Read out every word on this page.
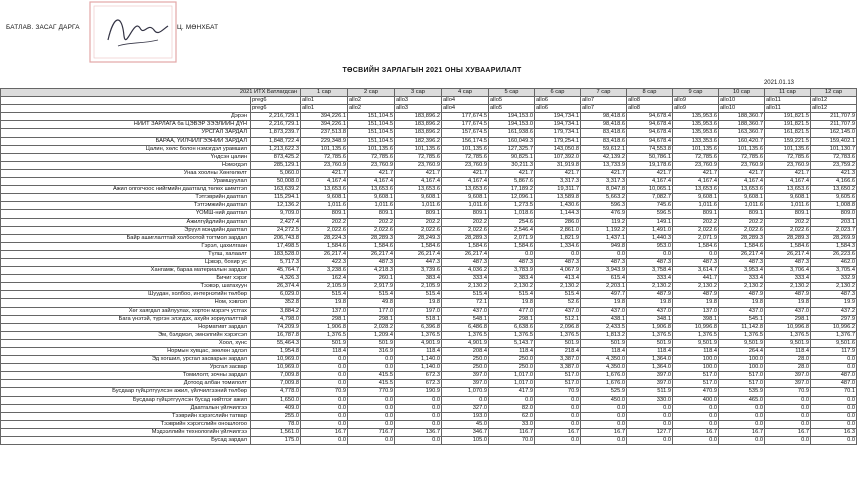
БАТЛАВ. ЗАСАГ ДАРГА	Ц. МӨНХБАТ
ТӨСВИЙН ЗАРЛАГЫН 2021 ОНЫ ХУВААРИЛАЛТ
2021.01.13
2021 ИТХ Батлагдсан		1 сар	2 сар	3 сар	4 сар	5 сар	6 сар	7 сар	8 сар	9 сар	10 сар	11 сар	12 сар
	preg6	allo1	allo2	allo3	allo4	allo5	allo6	allo7	allo8	allo9	allo10	allo11	allo12
	preg6	allo1	allo2	allo3	allo4	allo5	allo6	allo7	allo8	allo9	allo10	allo11	allo12
Дэрэн	2,216,729.1	394,226.1	151,104.5	183,896.2	177,674.5	194,153.0	194,734.1	98,418.6	94,678.4	135,953.6	188,360.7	191,821.5	211,707.9
НИЙТ ЗАРЛАГА ба ЦЭВЭР ЗЭЭЛИЙН ДҮН	2,216,729.1	394,226.1	151,104.5	183,896.2	177,674.5	194,153.0	194,734.1	98,418.6	94,678.4	135,953.6	188,360.7	191,821.5	211,707.9
УРСГАЛ ЗАРДАЛ	1,873,239.7	237,513.8	151,104.5	183,896.2	157,674.5	161,938.6	179,734.1	83,418.6	94,678.4	135,953.6	163,360.7	161,821.5	162,145.0
БАРАА, ҮЙЛЧИЛГЭЭНИЙ ЗАРДАЛ	1,848,722.4	229,348.9	151,104.5	182,396.2	156,174.5	160,049.3	179,254.1	83,418.6	94,678.4	133,353.6	160,420.7	159,221.5	159,402.1
Цалин, хөлс болон нэмэгдэл урамшил	1,213,622.3	101,135.6	101,135.6	101,135.6	101,135.6	127,325.7	143,050.8	59,612.1	74,553.8	101,135.6	101,135.6	101,135.6	101,130.7
Үндсэн цалин	873,425.2	72,785.6	72,785.6	72,785.6	72,785.6	90,825.1	107,392.0	42,139.2	50,786.1	72,785.6	72,785.6	72,785.6	72,783.6
Нэмэгдэл	285,129.1	23,760.9	23,760.9	23,760.9	23,760.9	30,211.3	31,919.8	13,733.9	19,178.6	23,760.9	23,760.9	23,760.9	23,759.2
Унаа хоолны Хөнгөлөлт	5,060.0	421.7	421.7	421.7	421.7	421.7	421.7	421.7	421.7	421.7	421.7	421.7	421.3
Урамшуулал	50,008.0	4,167.4	4,167.4	4,167.4	4,167.4	5,867.6	3,317.3	3,317.3	4,167.4	4,167.4	4,167.4	4,167.4	4,166.6
Ажил олгогчоос нийгмийн даатгалд төлөх шимтгэл	163,639.2	13,653.6	13,653.6	13,653.6	13,653.6	17,189.2	19,311.7	8,047.8	10,065.1	13,653.6	13,653.6	13,653.6	13,650.2
Тэтгэврийн даатгал	115,294.1	9,608.1	9,608.1	9,608.1	9,608.1	12,096.1	13,589.8	5,663.2	7,082.7	9,608.1	9,608.1	9,608.1	9,605.6
Тэтгэмжийн даатгал	12,136.2	1,011.6	1,011.6	1,011.6	1,011.6	1,273.5	1,430.6	596.3	745.6	1,011.6	1,011.6	1,011.6	1,008.8
ҮОМШ-ний даатгал	9,709.0	809.1	809.1	809.1	809.1	1,018.6	1,144.3	476.9	596.5	809.1	809.1	809.1	809.0
Ажилгүйдлийн даатгал	2,427.4	202.2	202.2	202.2	202.2	254.6	286.0	119.2	149.1	202.2	202.2	202.2	203.1
Эрүүл мэндийн даатгал	24,272.5	2,022.6	2,022.6	2,022.6	2,022.6	2,546.4	2,861.0	1,192.2	1,491.0	2,022.6	2,022.6	2,022.6	2,023.7
Байр ашиглалттай холбоотой тогтмол зардал	206,743.8	28,224.3	28,289.3	28,249.3	28,289.3	2,071.9	1,821.9	1,437.1	1,440.3	2,071.9	28,289.3	28,289.3	28,269.9
Гэрэл, цахилгаан	17,498.5	1,584.6	1,584.6	1,584.6	1,584.6	1,584.6	1,334.6	949.8	953.0	1,584.6	1,584.6	1,584.6	1,584.3
Түлш, халаалт	183,528.0	26,217.4	26,217.4	26,217.4	26,217.4	0.0	0.0	0.0	0.0	0.0	26,217.4	26,217.4	26,223.6
Цэвэр, бохир ус	5,717.3	422.3	487.3	447.3	487.3	487.3	487.3	487.3	487.3	487.3	487.3	487.3	462.0
Хангамж, бараа материалын зардал	45,764.7	3,238.6	4,218.3	3,739.6	4,036.2	3,783.9	4,067.9	3,943.9	3,758.4	3,614.7	3,953.4	3,706.4	3,705.4
Бичиг хэрэг	4,326.3	162.4	260.1	383.4	333.4	383.4	413.4	615.4	333.4	441.7	333.4	333.4	332.9
Тээвэр, шатахуун	26,374.4	2,105.9	2,917.9	2,105.9	2,130.2	2,130.2	2,130.2	2,203.1	2,130.2	2,130.2	2,130.2	2,130.2	2,130.2
Шуудан, холбоо, интернэтийн төлбөр	6,029.0	515.4	515.4	515.4	515.4	515.4	515.4	497.7	487.9	487.9	487.9	487.9	487.3
Ном, хэвлэл	352.8	19.8	49.8	19.8	72.1	19.8	52.6	19.8	19.8	19.8	19.8	19.8	19.9
Хөг хаягдал зайлуулах, хортон мэрэгч устгах	3,884.2	137.0	177.0	197.0	437.0	477.0	437.0	437.0	437.0	137.0	437.0	437.0	437.2
Бага үнэтэй, түргэн элэгдэх, ахуйн зориулалттай	4,798.0	298.1	298.1	518.1	548.1	298.1	512.1	438.1	348.1	398.1	545.1	298.1	297.9
Нормативт зардал	74,209.9	1,906.8	2,028.2	6,396.8	6,486.8	6,638.6	2,096.8	2,433.5	1,906.8	10,996.8	11,142.8	10,996.8	10,996.2
Эм, бэлдмэл, эмнэлгийн хэрэгсэл	16,787.8	1,376.5	1,209.4	1,376.5	1,376.5	1,376.5	1,376.5	1,813.2	1,376.5	1,376.5	1,376.5	1,376.5	1,376.7
Хоол, хүнс	55,464.3	501.9	501.9	4,901.9	4,901.9	5,143.7	501.9	501.9	501.9	9,501.9	9,501.9	9,501.9	9,501.6
Нормын хувцас, зөөлөн эдлэл	1,954.8	118.4	316.9	118.4	208.4	118.4	218.4	118.4	118.4	118.4	264.4	118.4	117.9
Эд хогшил, урсгал засварын зардал	10,969.0	0.0	0.0	1,140.0	250.0	250.0	3,387.0	4,350.0	1,364.0	100.0	100.0	28.0	0.0
Урсгал засвар	10,969.0	0.0	0.0	1,140.0	250.0	250.0	3,387.0	4,350.0	1,364.0	100.0	100.0	28.0	0.0
Томилолт, зочны зардал	7,009.8	0.0	415.5	672.3	397.0	1,017.0	517.0	1,676.0	397.0	517.0	517.0	397.0	487.0
Дотоод албан томилолт	7,009.8	0.0	415.5	672.3	397.0	1,017.0	517.0	1,676.0	397.0	517.0	517.0	397.0	487.0
Бусдаар гүйцэтгүүлсэн ажил, үйлчилгээний төлбөр	4,778.0	70.9	770.9	190.9	1,070.9	417.9	70.9	525.9	511.9	470.9	535.9	70.9	70.1
Бусдаар гүйцэтгүүлсэн бусад нийтлэг ажил	1,650.0	0.0	0.0	0.0	0.0	0.0	0.0	450.0	330.0	400.0	465.0	0.0	0.0
Даатгалын үйлчилгээ	409.0	0.0	0.0	0.0	327.0	82.0	0.0	0.0	0.0	0.0	0.0	0.0	0.0
Тээврийн хэрэгслийн татвар	255.0	0.0	0.0	0.0	193.0	62.0	0.0	0.0	0.0	0.0	0.0	0.0	0.0
Тээврийн хэрэгслийн оношлогоо	78.0	0.0	0.0	0.0	45.0	33.0	0.0	0.0	0.0	0.0	0.0	0.0	0.0
Мэдээллийн технологийн үйлчилгээ	1,561.0	16.7	716.7	136.7	346.7	116.7	16.7	16.7	127.7	16.7	16.7	16.7	16.3
Бусад зардал	175.0	0.0	0.0	0.0	105.0	70.0	0.0	0.0	0.0	0.0	0.0	0.0	0.0
